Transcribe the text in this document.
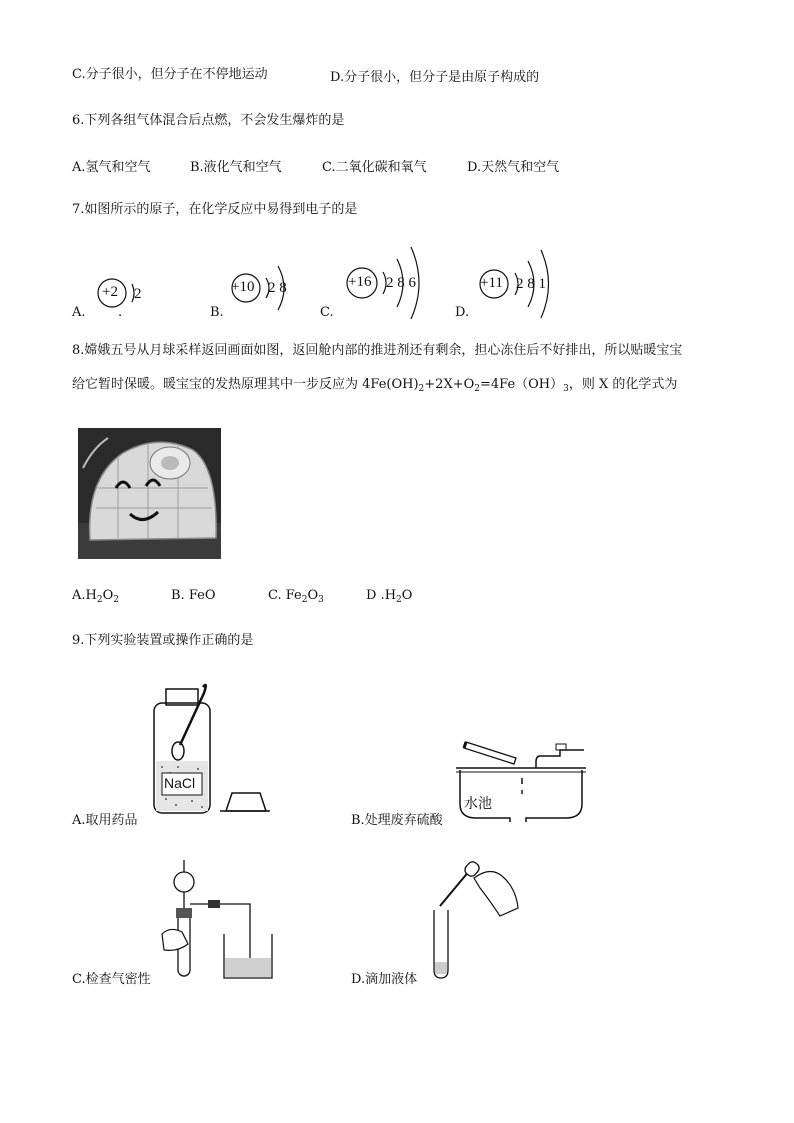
C.分子很小，但分子在不停地运动	D.分子很小，但分子是由原子构成的
6.下列各组气体混合后点燃，不会发生爆炸的是
A.氢气和空气	B.液化气和空气	C.二氧化碳和氧气	D.天然气和空气
7.如图所示的原子，在化学反应中易得到电子的是
A.
+2 2
.	B.
+10 2 8
C.
+16 2 8 6
D.
+11 2 8 1
8.嫦娥五号从月球采样返回画面如图，返回舱内部的推进剂还有剩余，担心冻住后不好排出，所以贴暖宝宝
给它暂时保暖。暖宝宝的发热原理其中一步反应为 $4Fe(OH)_2+2X+O_2=4Fe(OH)_3$，则 X 的化学式为
$A.H_2O_2$	B. FeO	C. $Fe_2O_3$	D $.H_2O$
9.下列实验装置或操作正确的是
NaCl
A.取用药品
水池
B.处理废弃硫酸
C.检查气密性	D.滴加液体
